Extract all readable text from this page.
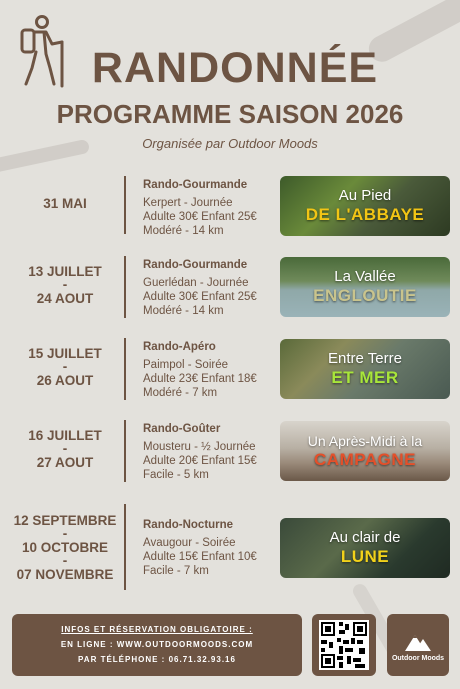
RANDONNÉE
PROGRAMME SAISON 2026
Organisée par Outdoor Moods
31 MAI
Rando-Gourmande
Kerpert - Journée
Adulte 30€ Enfant 25€
Modéré - 14 km
Au Pied
DE L'ABBAYE
13 JUILLET
-
24 AOUT
Rando-Gourmande
Guerlédan - Journée
Adulte 30€ Enfant 25€
Modéré - 14 km
La Vallée
ENGLOUTIE
15 JUILLET
-
26 AOUT
Rando-Apéro
Paimpol - Soirée
Adulte 23€ Enfant 18€
Modéré - 7 km
Entre Terre
ET MER
16 JUILLET
-
27 AOUT
Rando-Goûter
Mousteru - ½ Journée
Adulte 20€ Enfant 15€
Facile - 5 km
Un Après-Midi à la
CAMPAGNE
12 SEPTEMBRE
-
10 OCTOBRE
-
07 NOVEMBRE
Rando-Nocturne
Avaugour - Soirée
Adulte 15€ Enfant 10€
Facile - 7 km
Au clair de
LUNE
INFOS ET RÉSERVATION OBLIGATOIRE :
EN LIGNE : WWW.OUTDOORMOODS.COM
PAR TÉLÉPHONE : 06.71.32.93.16	Outdoor Moods
